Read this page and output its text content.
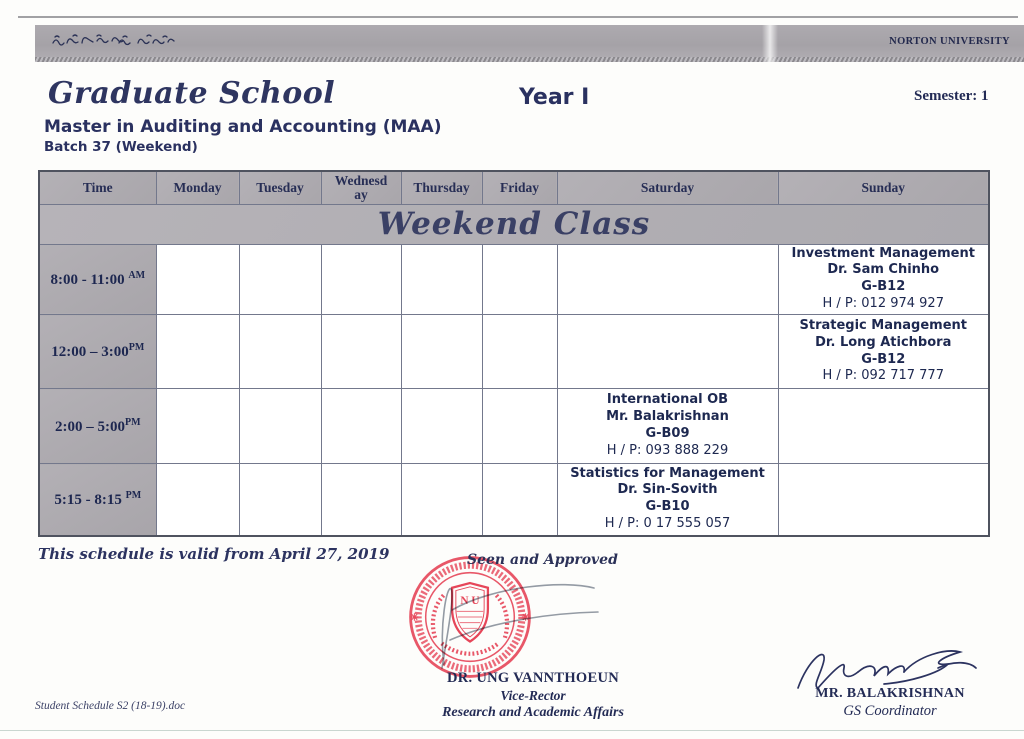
NORTON UNIVERSITY
Graduate School
Master in Auditing and Accounting (MAA)
Batch 37 (Weekend)
Year I	Semester: 1
Time	Monday	Tuesday	Wednesday	Thursday	Friday	Saturday	Sunday
Weekend Class							
8:00 - 11:00 $^{AM}$							Investment Management
Dr. Sam Chinho
G-B12
H / P: 012 974 927

12:00 – $3:00^{PM}$							Strategic Management
Dr. Long Atichbora
G-B12
H / P: 092 717 777

2:00 – $5:00^{PM}$						International OB
Mr. Balakrishnan
G-B09
H / P: 093 888 229	

5:15 - 8:15 $^{PM}$						Statistics for Management
Dr. Sin-Sovith
G-B10
H / P: 0 17 555 057	

This schedule is valid from April 27, 2019
N U
Seen and Approved
DR. UNG VANNTHOEUN
Vice-Rector
Research and Academic Affairs
MR. BALAKRISHNAN
GS Coordinator
Student Schedule S2 (18-19).doc
